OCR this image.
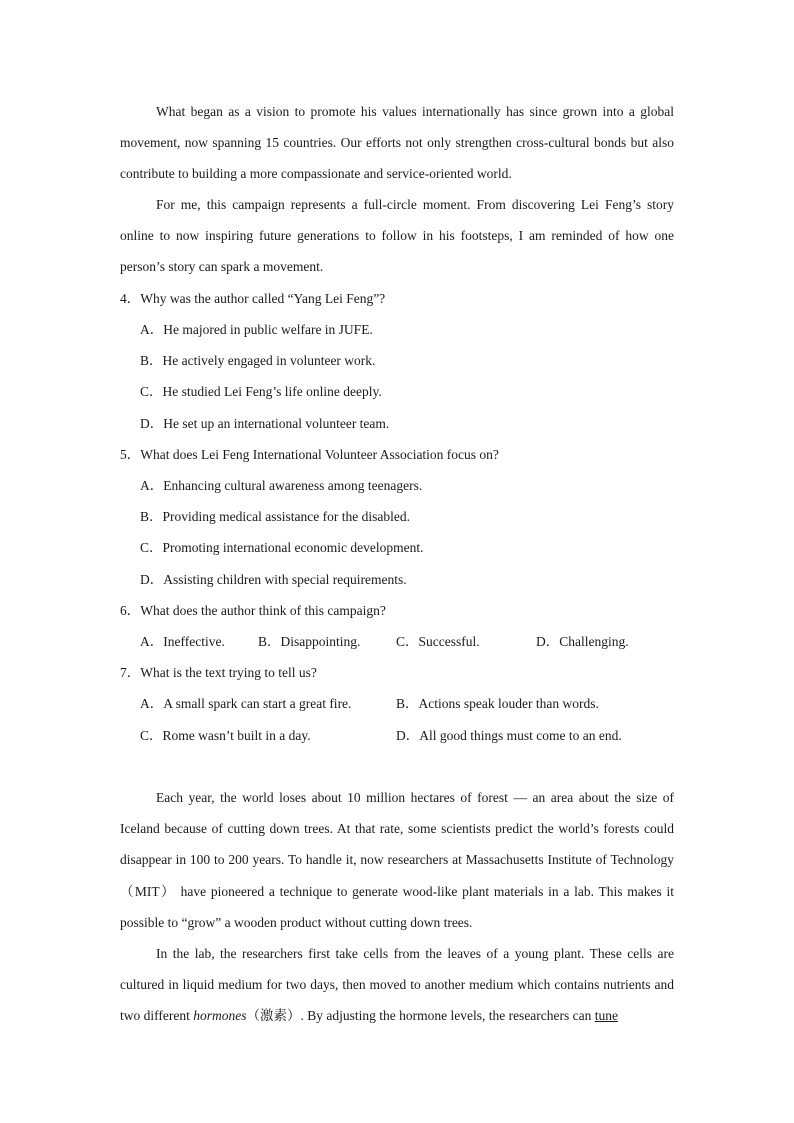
What began as a vision to promote his values internationally has since grown into a global movement, now spanning 15 countries. Our efforts not only strengthen cross-cultural bonds but also contribute to building a more compassionate and service-oriented world.

For me, this campaign represents a full-circle moment. From discovering Lei Feng’s story online to now inspiring future generations to follow in his footsteps, I am reminded of how one person’s story can spark a movement.

4．Why was the author called “Yang Lei Feng”?

A．He majored in public welfare in JUFE.

B．He actively engaged in volunteer work.

C．He studied Lei Feng’s life online deeply.

D．He set up an international volunteer team.

5．What does Lei Feng International Volunteer Association focus on?

A．Enhancing cultural awareness among teenagers.

B．Providing medical assistance for the disabled.

C．Promoting international economic development.

D．Assisting children with special requirements.

6．What does the author think of this campaign?

A．Ineffective. B．Disappointing.	C．Successful.	D．Challenging.

7．What is the text trying to tell us?

A．A small spark can start a great fire.	B．Actions speak louder than words.

C．Rome wasn’t built in a day.	D．All good things must come to an end.

Each year, the world loses about 10 million hectares of forest — an area about the size of Iceland because of cutting down trees. At that rate, some scientists predict the world’s forests could disappear in 100 to 200 years. To handle it, now researchers at Massachusetts Institute of Technology （MIT） have pioneered a technique to generate wood-like plant materials in a lab. This makes it possible to “grow” a wooden product without cutting down trees.

In the lab, the researchers first take cells from the leaves of a young plant. These cells are cultured in liquid medium for two days, then moved to another medium which contains nutrients and two different hormones（激素）. By adjusting the hormone levels, the researchers can tune
